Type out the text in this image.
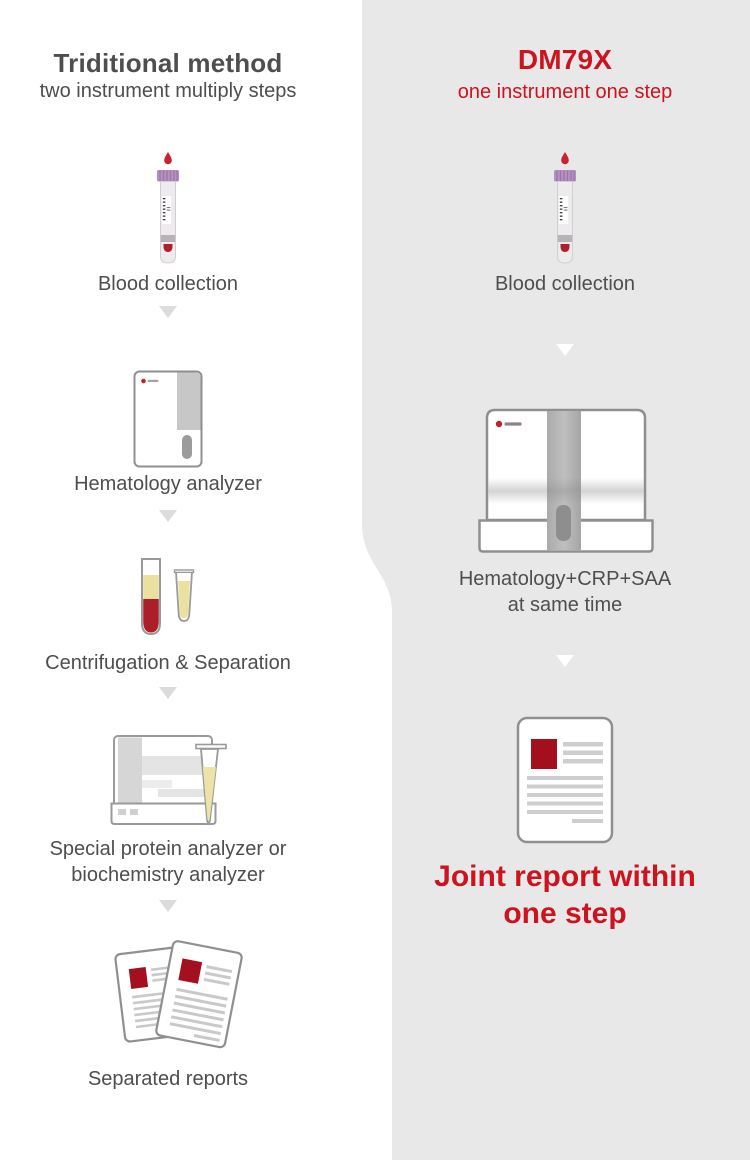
Triditional method
two instrument multiply steps
Blood collection
Hematology analyzer
Centrifugation & Separation
Special protein analyzer or
biochemistry analyzer
Separated reports
DM79X
one instrument one step
Blood collection
Hematology+CRP+SAA
at same time
Joint report within
one step
